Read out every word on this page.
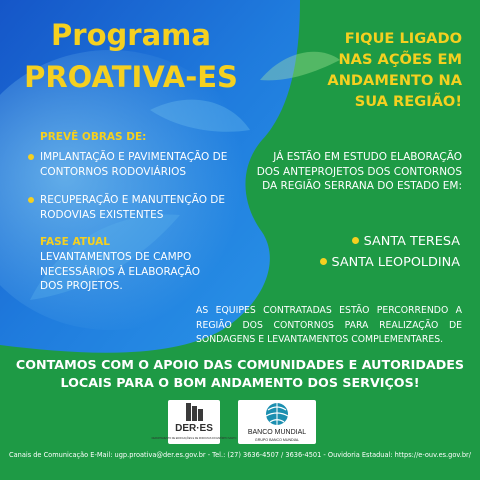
Programa
PROATIVA-ES
FIQUE LIGADO
NAS AÇÕES EM
ANDAMENTO NA
SUA REGIÃO!
PREVÊ OBRAS DE:
IMPLANTAÇÃO E PAVIMENTAÇÃO DE CONTORNOS RODOVIÁRIOS
RECUPERAÇÃO E MANUTENÇÃO DE RODOVIAS EXISTENTES
FASE ATUAL
LEVANTAMENTOS DE CAMPO NECESSÁRIOS À ELABORAÇÃO DOS PROJETOS.
JÁ ESTÃO EM ESTUDO ELABORAÇÃO DOS ANTEPROJETOS DOS CONTORNOS DA REGIÃO SERRANA DO ESTADO EM:
SANTA TERESA
SANTA LEOPOLDINA
AS EQUIPES CONTRATADAS ESTÃO PERCORRENDO A REGIÃO DOS CONTORNOS PARA REALIZAÇÃO DE SONDAGENS E LEVANTAMENTOS COMPLEMENTARES.
CONTAMOS COM O APOIO DAS COMUNIDADES E AUTORIDADES
LOCAIS PARA O BOM ANDAMENTO DOS SERVIÇOS!
DER·ES
DEPARTAMENTO DE EDIFICAÇÕES E DE RODOVIAS DO ESPÍRITO SANTO
BANCO MUNDIAL
GRUPO BANCO MUNDIAL
Canais de Comunicação E-Mail: ugp.proativa@der.es.gov.br - Tel.: (27) 3636-4507 / 3636-4501 - Ouvidoria Estadual: https://e-ouv.es.gov.br/
